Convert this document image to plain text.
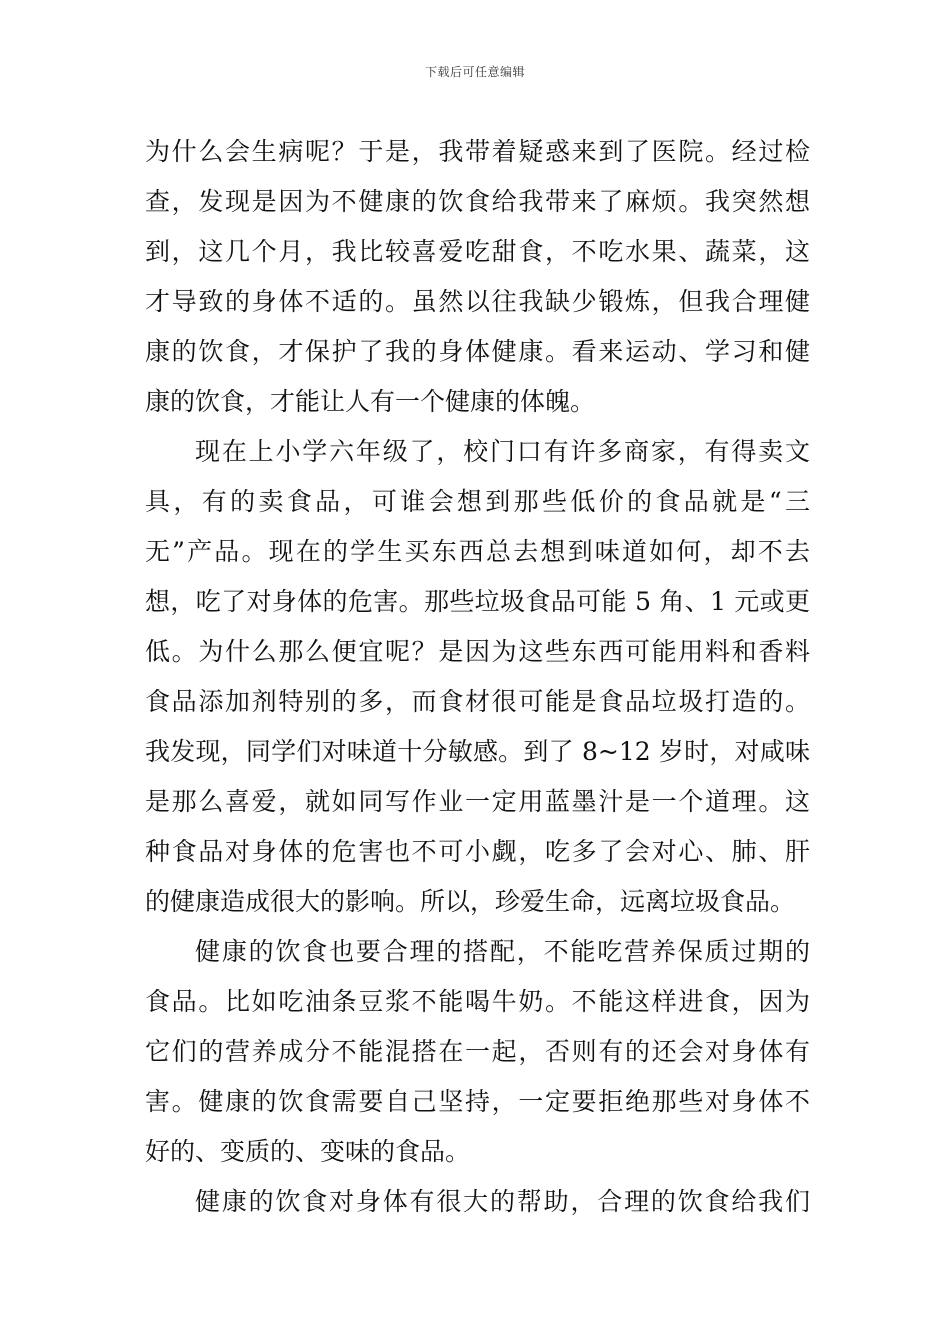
下载后可任意编辑
为什么会生病呢？于是，我带着疑惑来到了医院。经过检
查，发现是因为不健康的饮食给我带来了麻烦。我突然想
到，这几个月，我比较喜爱吃甜食，不吃水果、蔬菜，这
才导致的身体不适的。虽然以往我缺少锻炼，但我合理健
康的饮食，才保护了我的身体健康。看来运动、学习和健
康的饮食，才能让人有一个健康的体魄。
现在上小学六年级了，校门口有许多商家，有得卖文
具，有的卖食品，可谁会想到那些低价的食品就是“三
无”产品。现在的学生买东西总去想到味道如何，却不去
想，吃了对身体的危害。那些垃圾食品可能 5 角、1 元或更
低。为什么那么便宜呢？是因为这些东西可能用料和香料
食品添加剂特别的多，而食材很可能是食品垃圾打造的。
我发现，同学们对味道十分敏感。到了 8~12 岁时，对咸味
是那么喜爱，就如同写作业一定用蓝墨汁是一个道理。这
种食品对身体的危害也不可小觑，吃多了会对心、肺、肝
的健康造成很大的影响。所以，珍爱生命，远离垃圾食品。
健康的饮食也要合理的搭配，不能吃营养保质过期的
食品。比如吃油条豆浆不能喝牛奶。不能这样进食，因为
它们的营养成分不能混搭在一起，否则有的还会对身体有
害。健康的饮食需要自己坚持，一定要拒绝那些对身体不
好的、变质的、变味的食品。
健康的饮食对身体有很大的帮助，合理的饮食给我们
